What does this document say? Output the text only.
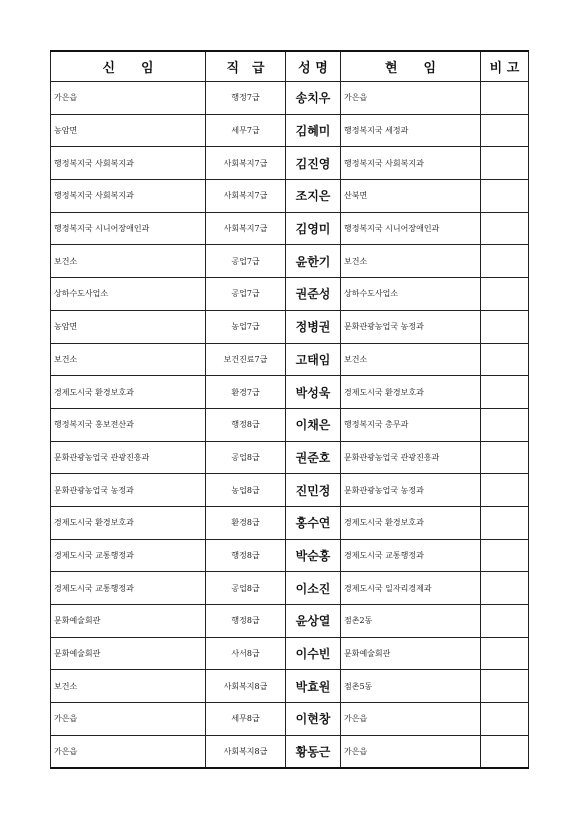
신　　임	직　급	성 명	현　　임	비 고
가은읍	행정7급	송치우	가은읍	
농암면	세무7급	김혜미	행정복지국 세정과	
행정복지국 사회복지과	사회복지7급	김진영	행정복지국 사회복지과	
행정복지국 사회복지과	사회복지7급	조지은	산북면	
행정복지국 시니어장애인과	사회복지7급	김영미	행정복지국 시니어장애인과	
보건소	공업7급	윤한기	보건소	
상하수도사업소	공업7급	권준성	상하수도사업소	
농암면	농업7급	정병권	문화관광농업국 농정과	
보건소	보건진료7급	고태임	보건소	
경제도시국 환경보호과	환경7급	박성욱	경제도시국 환경보호과	
행정복지국 홍보전산과	행정8급	이채은	행정복지국 총무과	
문화관광농업국 관광진흥과	공업8급	권준호	문화관광농업국 관광진흥과	
문화관광농업국 농정과	농업8급	진민정	문화관광농업국 농정과	
경제도시국 환경보호과	환경8급	홍수연	경제도시국 환경보호과	
경제도시국 교통행정과	행정8급	박순홍	경제도시국 교통행정과	
경제도시국 교통행정과	공업8급	이소진	경제도시국 일자리경제과	
문화예술회관	행정8급	윤상열	점촌2동	
문화예술회관	사서8급	이수빈	문화예술회관	
보건소	사회복지8급	박효원	점촌5동	
가은읍	세무8급	이현창	가은읍	
가은읍	사회복지8급	황동근	가은읍	
